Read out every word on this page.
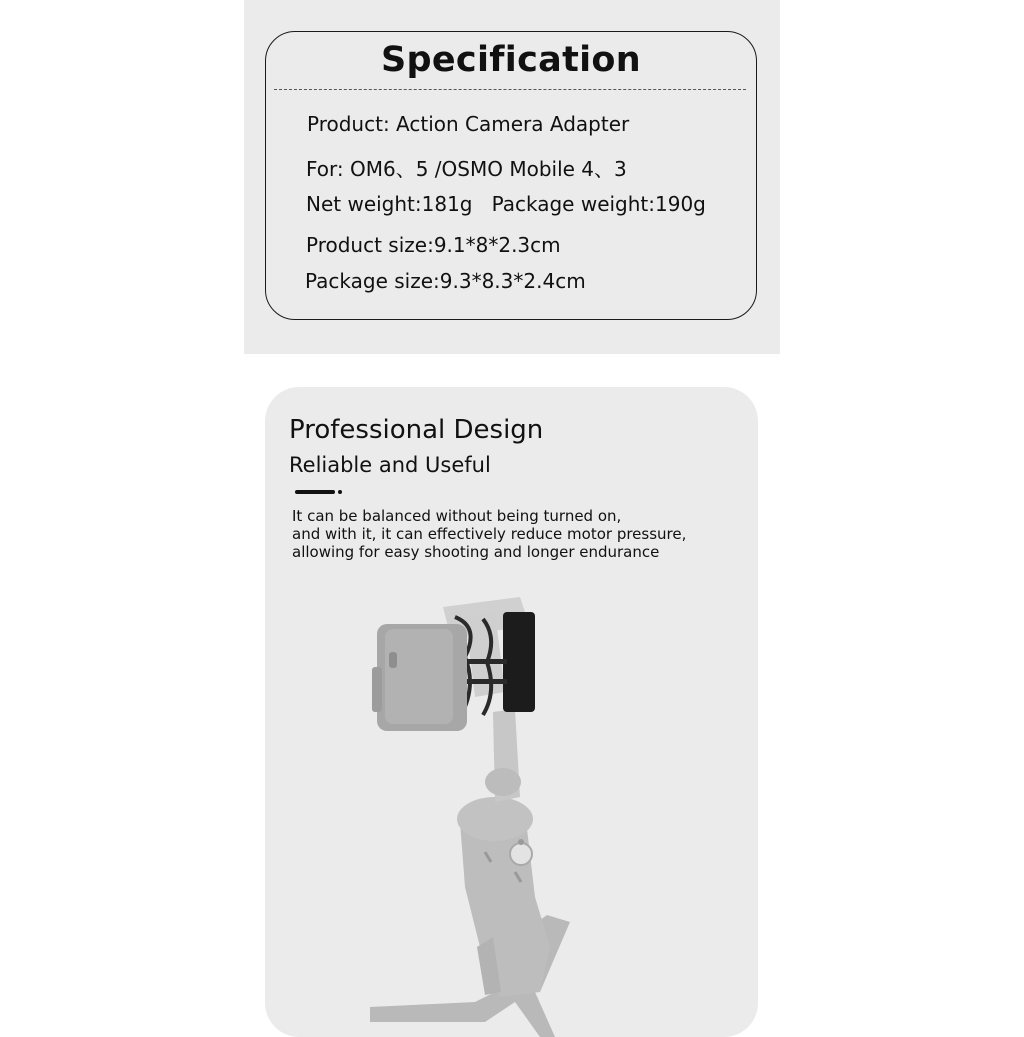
Specification
Product: Action Camera Adapter
For: OM6、5 /OSMO Mobile 4、3
Net weight:181g   Package weight:190g
Product size:9.1*8*2.3cm
Package size:9.3*8.3*2.4cm
Professional Design
Reliable and Useful
It can be balanced without being turned on,
and with it, it can effectively reduce motor pressure,
allowing for easy shooting and longer endurance
